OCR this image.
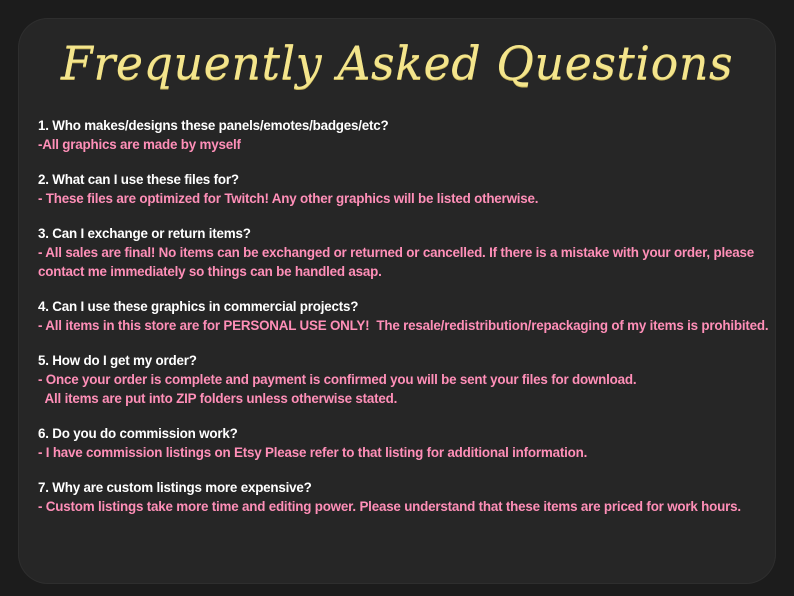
Frequently Asked Questions
1. Who makes/designs these panels/emotes/badges/etc?
-All graphics are made by myself
2. What can I use these files for?
- These files are optimized for Twitch! Any other graphics will be listed otherwise.
3. Can I exchange or return items?
- All sales are final! No items can be exchanged or returned or cancelled. If there is a mistake with your order, please
contact me immediately so things can be handled asap.
4. Can I use these graphics in commercial projects?
- All items in this store are for PERSONAL USE ONLY!  The resale/redistribution/repackaging of my items is prohibited.
5. How do I get my order?
- Once your order is complete and payment is confirmed you will be sent your files for download.
All items are put into ZIP folders unless otherwise stated.
6. Do you do commission work?
- I have commission listings on Etsy Please refer to that listing for additional information.
7. Why are custom listings more expensive?
- Custom listings take more time and editing power. Please understand that these items are priced for work hours.
